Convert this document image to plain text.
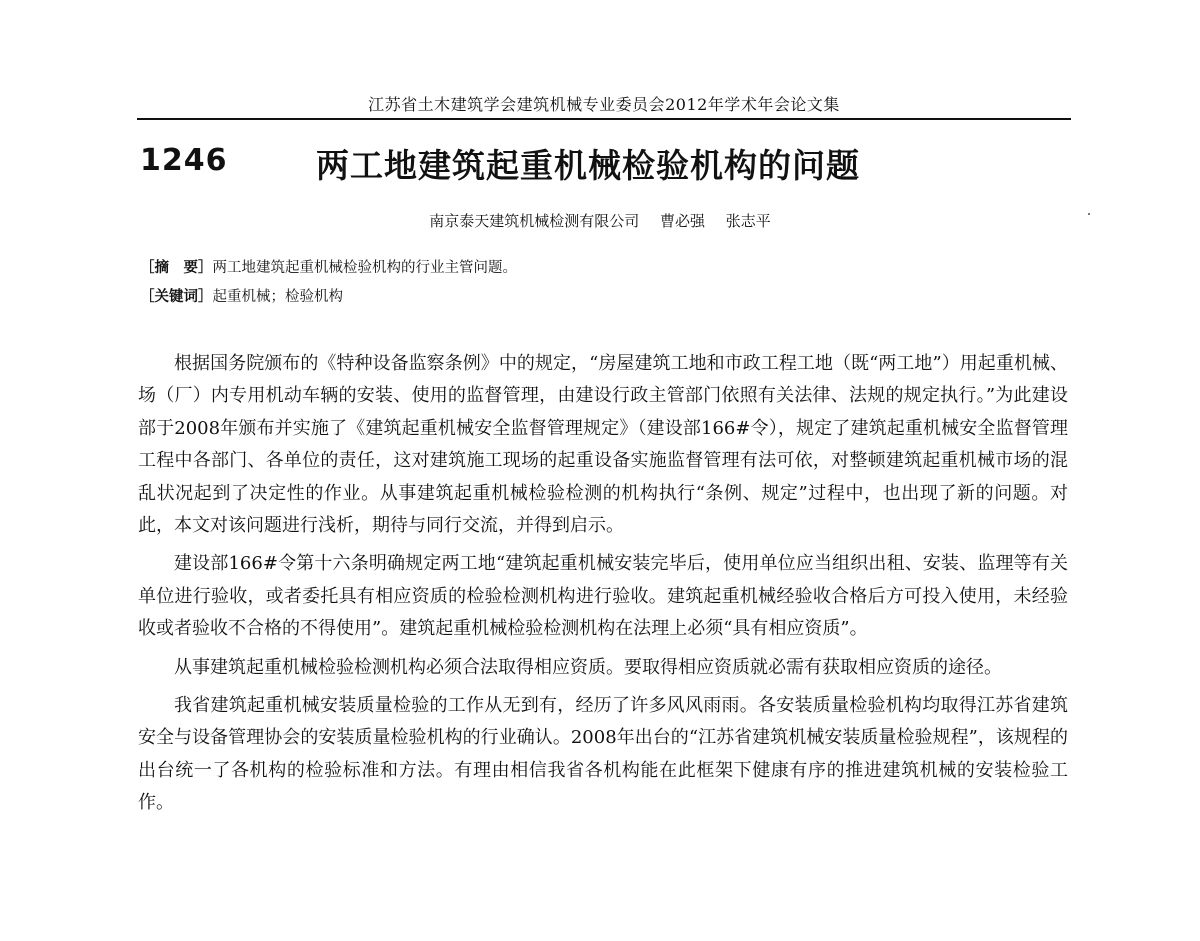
江苏省土木建筑学会建筑机械专业委员会2012年学术年会论文集
1246	两工地建筑起重机械检验机构的问题
南京泰天建筑机械检测有限公司 曹必强 张志平
［摘　要］两工地建筑起重机械检验机构的行业主管问题。
［关键词］起重机械；检验机构

根据国务院颁布的《特种设备监察条例》中的规定，“房屋建筑工地和市政工程工地（既“两工地”）用起重机械、场（厂）内专用机动车辆的安装、使用的监督管理，由建设行政主管部门依照有关法律、法规的规定执行。”为此建设部于2008年颁布并实施了《建筑起重机械安全监督管理规定》（建设部166#令），规定了建筑起重机械安全监督管理工程中各部门、各单位的责任，这对建筑施工现场的起重设备实施监督管理有法可依，对整顿建筑起重机械市场的混乱状况起到了决定性的作业。从事建筑起重机械检验检测的机构执行“条例、规定”过程中，也出现了新的问题。对此，本文对该问题进行浅析，期待与同行交流，并得到启示。

建设部166#令第十六条明确规定两工地“建筑起重机械安装完毕后，使用单位应当组织出租、安装、监理等有关单位进行验收，或者委托具有相应资质的检验检测机构进行验收。建筑起重机械经验收合格后方可投入使用，未经验收或者验收不合格的不得使用”。建筑起重机械检验检测机构在法理上必须“具有相应资质”。

从事建筑起重机械检验检测机构必须合法取得相应资质。要取得相应资质就必需有获取相应资质的途径。

我省建筑起重机械安装质量检验的工作从无到有，经历了许多风风雨雨。各安装质量检验机构均取得江苏省建筑安全与设备管理协会的安装质量检验机构的行业确认。2008年出台的“江苏省建筑机械安装质量检验规程”，该规程的出台统一了各机构的检验标准和方法。有理由相信我省各机构能在此框架下健康有序的推进建筑机械的安装检验工作。
